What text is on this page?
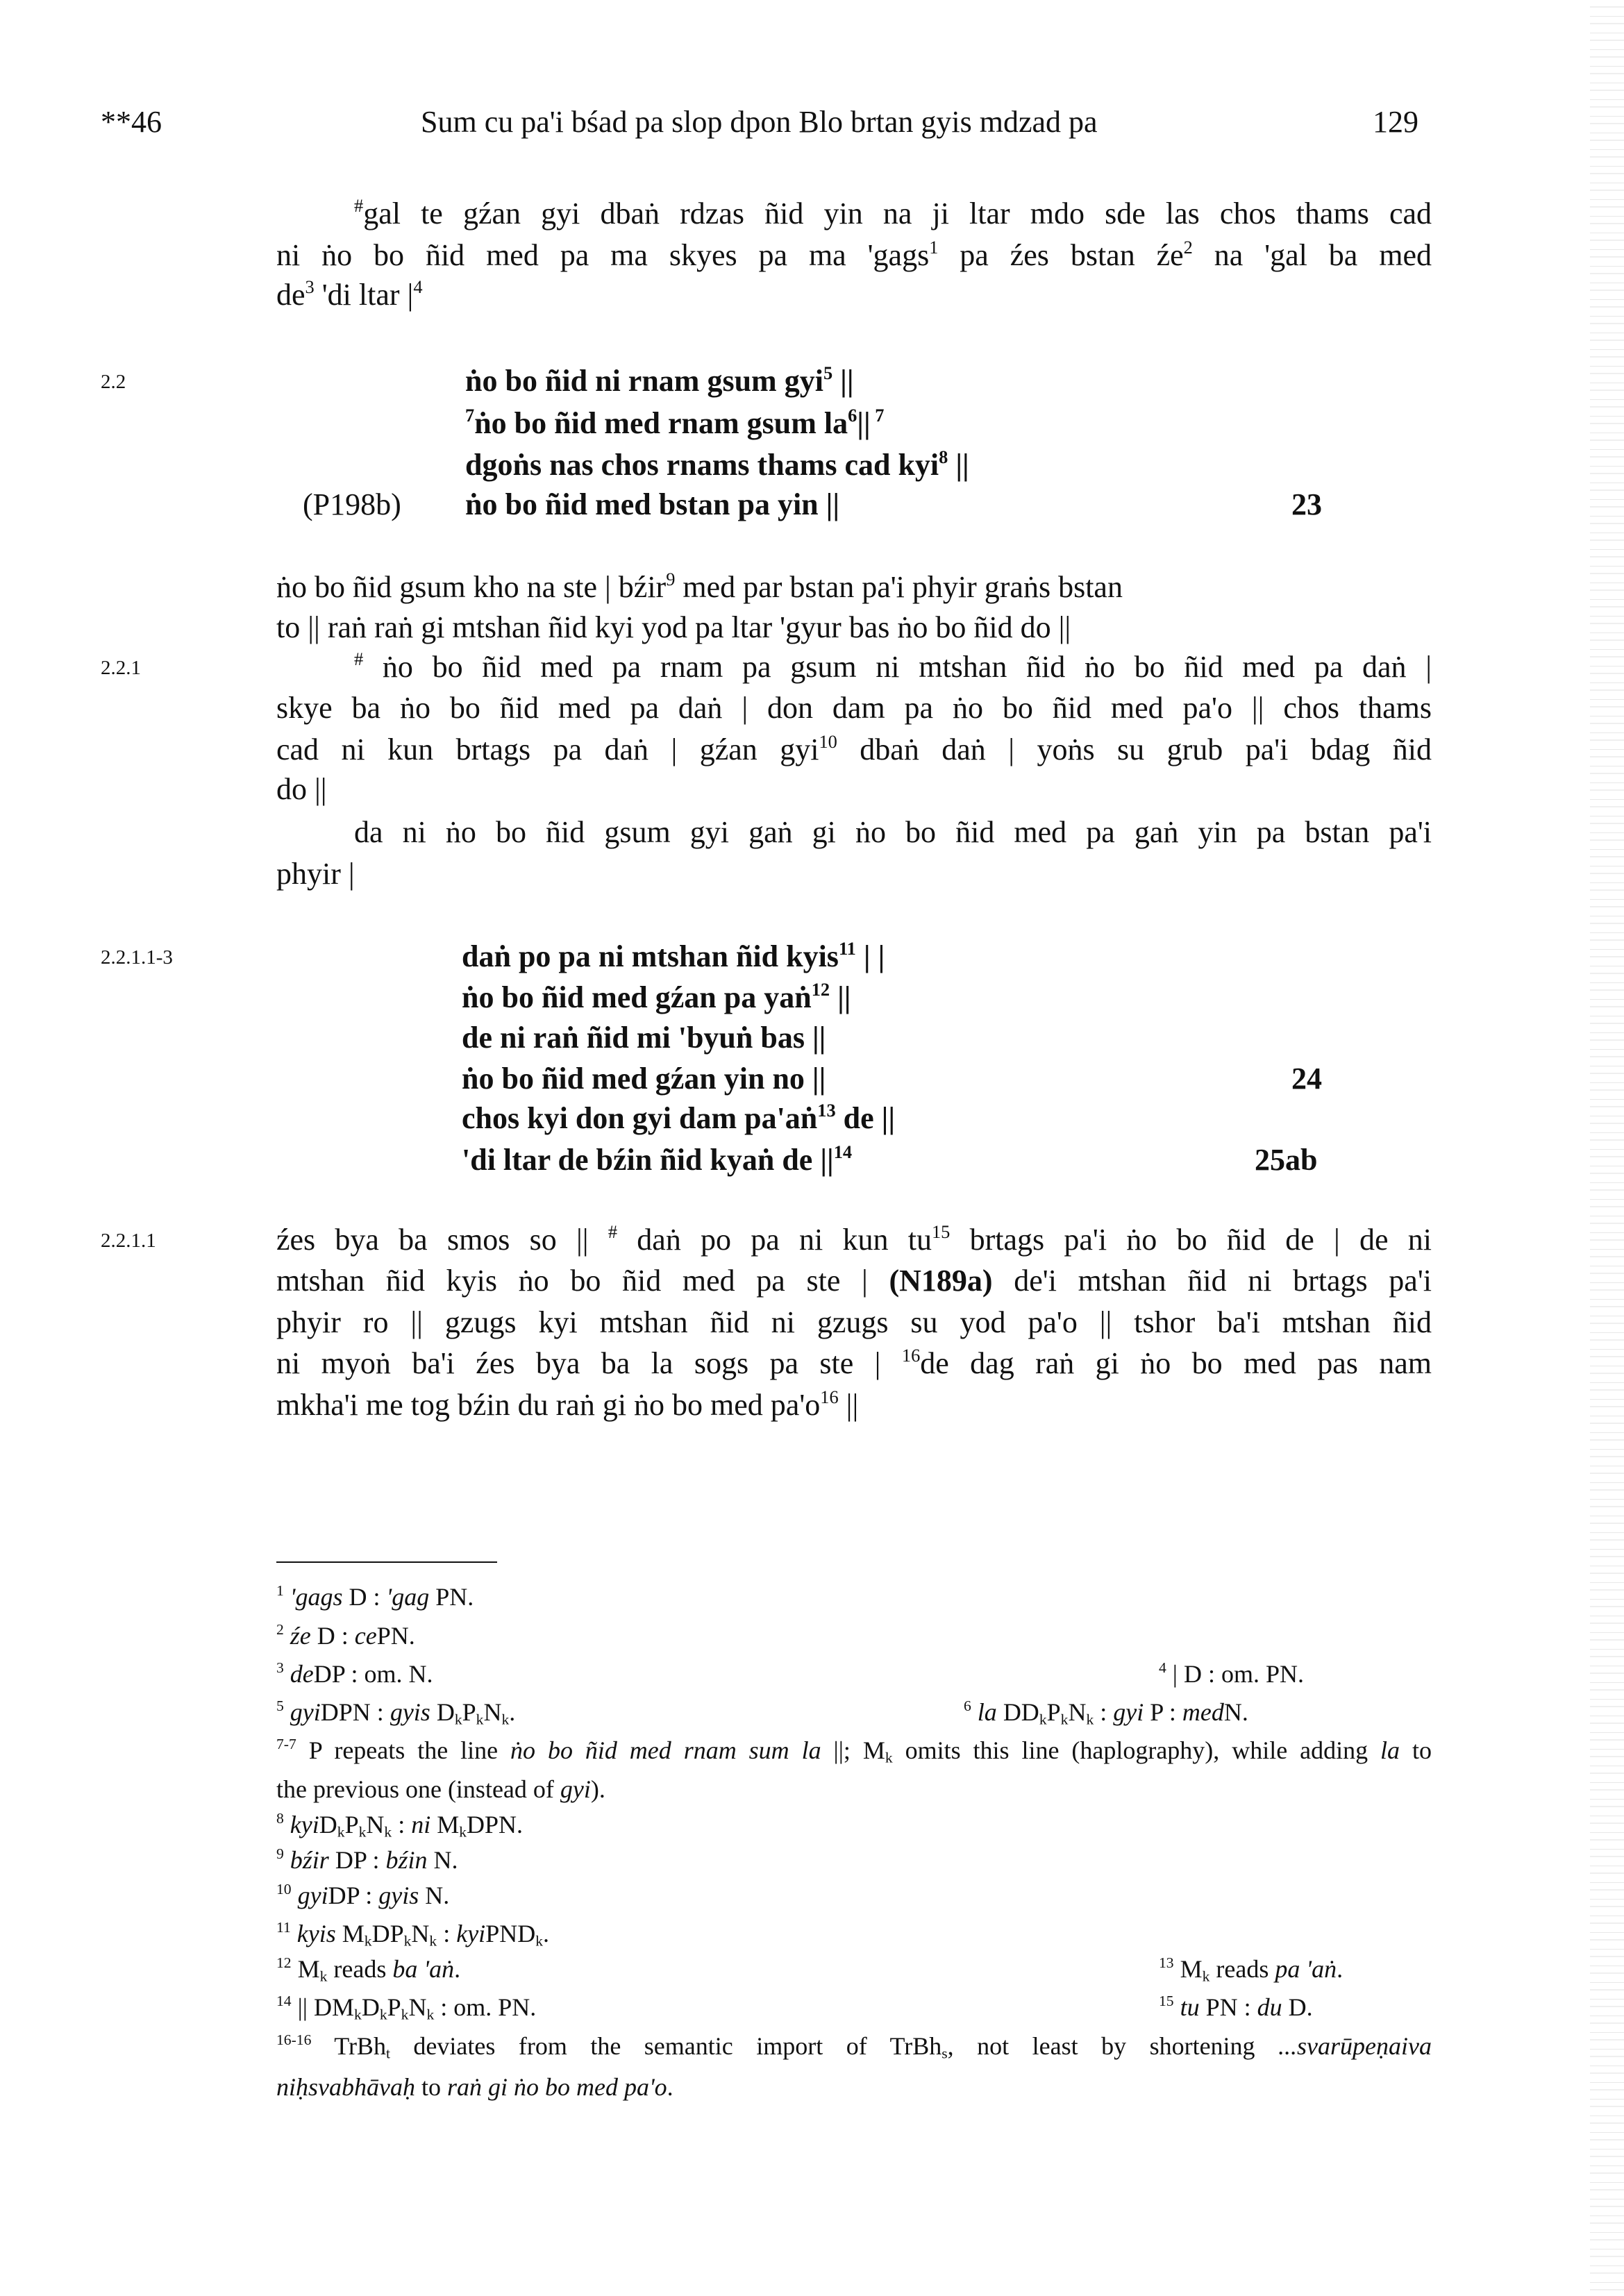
**46	Sum cu pa'i bśad pa slop dpon Blo brtan gyis mdzad pa	129
#gal te gźan gyi dbaṅ rdzas ñid yin na ji ltar mdo sde las chos thams cad
ni ṅo bo ñid med pa ma skyes pa ma 'gags$^1$ pa źes bstan $źe^2$ na 'gal ba med
$de^3$ 'di ltar $|^4$
2.2	ṅo bo ñid ni rnam gsum gyi$^5$ ||
$^7$ṅo bo ñid med rnam gsum $la^6||$ $^7$
dgoṅs nas chos rnams thams cad kyi$^8$ ||
(P198b) ṅo bo ñid med bstan pa yin ||	23
ṅo bo ñid gsum kho na ste | bźir$^9$ med par bstan pa'i phyir graṅs bstan
to || raṅ raṅ gi mtshan ñid kyi yod pa ltar 'gyur bas ṅo bo ñid do ||
2.2.1	# ṅo bo ñid med pa rnam pa gsum ni mtshan ñid ṅo bo ñid med pa daṅ |
skye ba ṅo bo ñid med pa daṅ | don dam pa ṅo bo ñid med pa'o || chos thams
cad ni kun brtags pa daṅ | gźan gyi$^{10}$ dbaṅ daṅ | yoṅs su grub pa'i bdag ñid
do ||
da ni ṅo bo ñid gsum gyi gaṅ gi ṅo bo ñid med pa gaṅ yin pa bstan pa'i
phyir |
2.2.1.1-3	daṅ po pa ni mtshan ñid kyis$^{11}$ | |
ṅo bo ñid med gźan pa yaṅ$^{12}$ ||
de ni raṅ ñid mi 'byuṅ bas ||
ṅo bo ñid med gźan yin no ||	24
chos kyi don gyi dam pa'aṅ$^{13}$ de ||
'di ltar de bźin ñid kyaṅ de $||^{14}$	25ab
2.2.1.1	źes bya ba smos so || # daṅ po pa ni kun $tu^{15}$ brtags pa'i ṅo bo ñid de | de ni
mtshan ñid kyis ṅo bo ñid med pa ste | (N189a) de'i mtshan ñid ni brtags pa'i
phyir ro || gzugs kyi mtshan ñid ni gzugs su yod pa'o || tshor ba'i mtshan ñid
ni myoṅ ba'i źes bya ba la sogs pa ste | $^{16}$de dag raṅ gi ṅo bo med pas nam
mkha'i me tog bźin du raṅ gi ṅo bo med $pa'o^{16}$ ||
$^1$ 'gags D : 'gag PN.
$^2$ źe D : cePN.
$^3$ deDP : om. N.	$^4$ | D : om. PN.
$^5$ gyiDPN : gyis $D_kP_kN_k$.	$^6$ la $DD_kP_kN_k$ : gyi P : medN.
$^{7-7}$ P repeats the line ṅo bo ñid med rnam sum la ||; $M_k$ omits this line (haplography), while adding la to
the previous one (instead of gyi).
$^8$ $kyiD_kP_kN_k$ : ni $M_kDPN$.
$^9$ bźir DP : bźin N.
$^{10}$ gyiDP : gyis N.
$^{11}$ kyis $M_kDP_kN_k$ : kyiPND$_k$.
$^{12}$ $M_k$ reads ba 'aṅ.	$^{13}$ $M_k$ reads pa 'aṅ.
$^{14}$ || $DM_kD_kP_kN_k$ : om. PN.	$^{15}$ tu PN : du D.
$^{16-16}$ TrBh$_t$ deviates from the semantic import of TrBh$_s$, not least by shortening ...svarūpeṇaiva
niḥsvabhāvaḥ to raṅ gi ṅo bo med pa'o.
